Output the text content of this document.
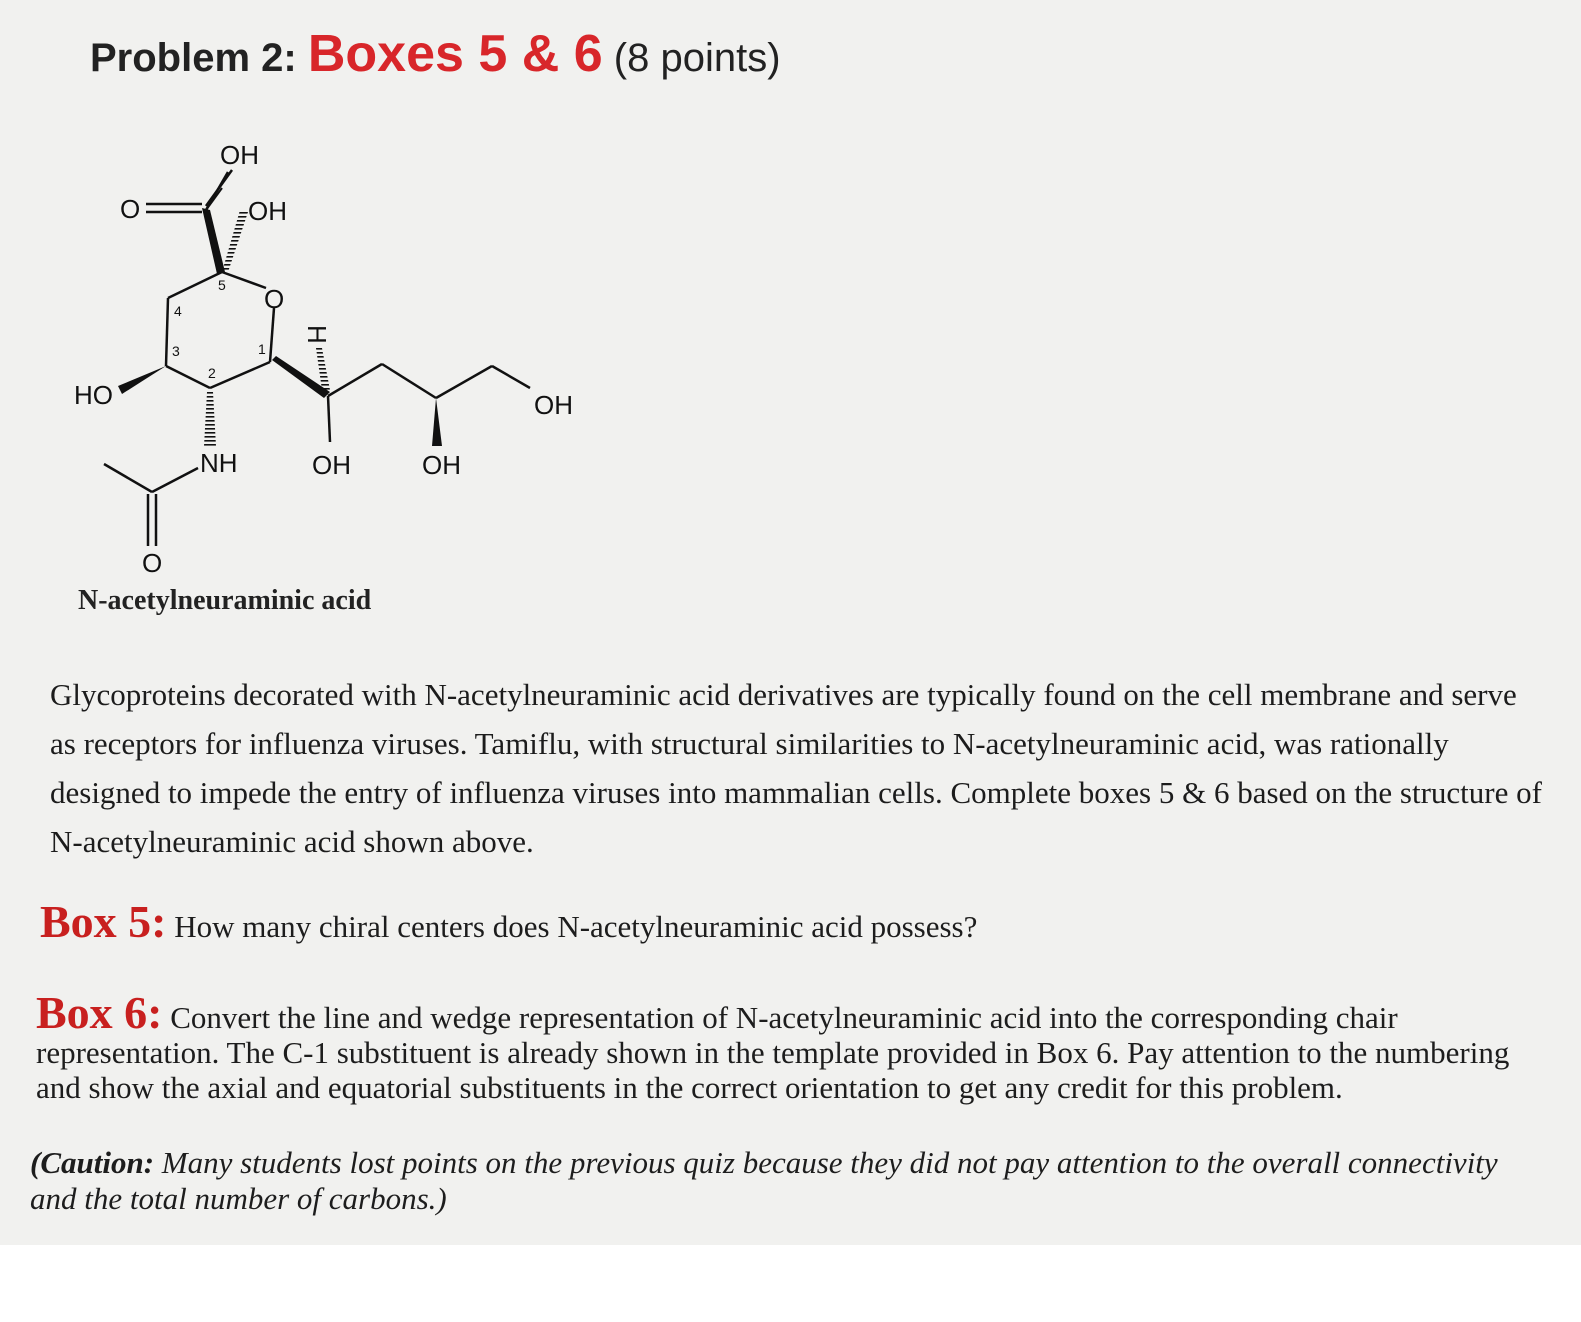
Problem 2: Boxes 5 & 6 (8 points)
OH
O	OH
O
5
4
3
2
1
HO
NH
O
H
OH
OH	OH
N-acetylneuraminic acid
Glycoproteins decorated with N-acetylneuraminic acid derivatives are typically found on the cell membrane and serve as receptors for influenza viruses. Tamiflu, with structural similarities to N-acetylneuraminic acid, was rationally designed to impede the entry of influenza viruses into mammalian cells. Complete boxes 5 & 6 based on the structure of N-acetylneuraminic acid shown above.
Box 5: How many chiral centers does N-acetylneuraminic acid possess?
Box 6: Convert the line and wedge representation of N-acetylneuraminic acid into the corresponding chair representation. The C-1 substituent is already shown in the template provided in Box 6. Pay attention to the numbering and show the axial and equatorial substituents in the correct orientation to get any credit for this problem.
(Caution: Many students lost points on the previous quiz because they did not pay attention to the overall connectivity and the total number of carbons.)
